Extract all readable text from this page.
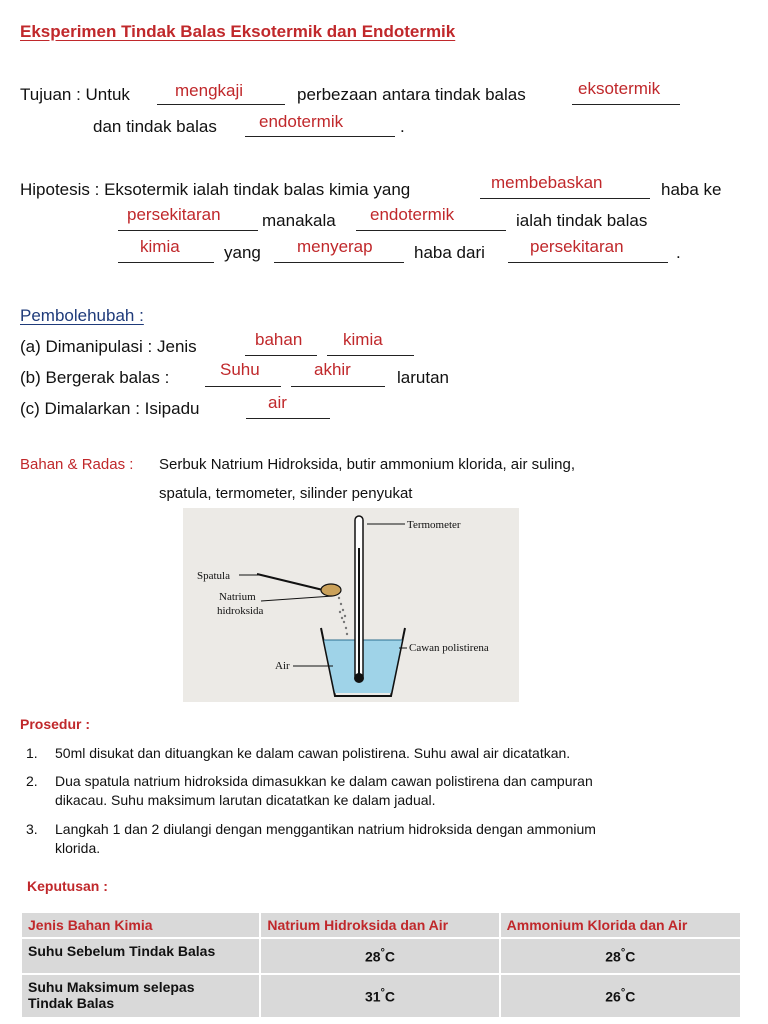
Eksperimen Tindak Balas Eksotermik dan Endotermik
Tujuan : Untuk	mengkaji	perbezaan antara tindak balas	eksotermik
dan tindak balas endotermik	.
Hipotesis : Eksotermik ialah tindak balas kimia yang	membebaskan	haba ke
persekitaran manakala endotermik	ialah tindak balas
kimia	yang menyerap haba dari	persekitaran	.
Pembolehubah :
(a) Dimanipulasi : Jenis	bahan kimia
(b) Bergerak balas :	Suhu	akhir	larutan
(c) Dimalarkan : Isipadu	air
Bahan & Radas : Serbuk Natrium Hidroksida, butir ammonium klorida, air suling,
spatula, termometer, silinder penyukat
Termometer
Spatula
Natrium
hidroksida
Cawan polistirena
Air
Prosedur :
1. 50ml disukat dan dituangkan ke dalam cawan polistirena. Suhu awal air dicatatkan.
2. Dua spatula natrium hidroksida dimasukkan ke dalam cawan polistirena dan campuran
dikacau. Suhu maksimum larutan dicatatkan ke dalam jadual.
3. Langkah 1 dan 2 diulangi dengan menggantikan natrium hidroksida dengan ammonium
klorida.
Keputusan :
Jenis Bahan Kimia	Natrium Hidroksida dan Air	Ammonium Klorida dan Air
Suhu Sebelum Tindak Balas	28°C	28°C
Suhu Maksimum selepas
Tindak Balas	31°C	26°C
